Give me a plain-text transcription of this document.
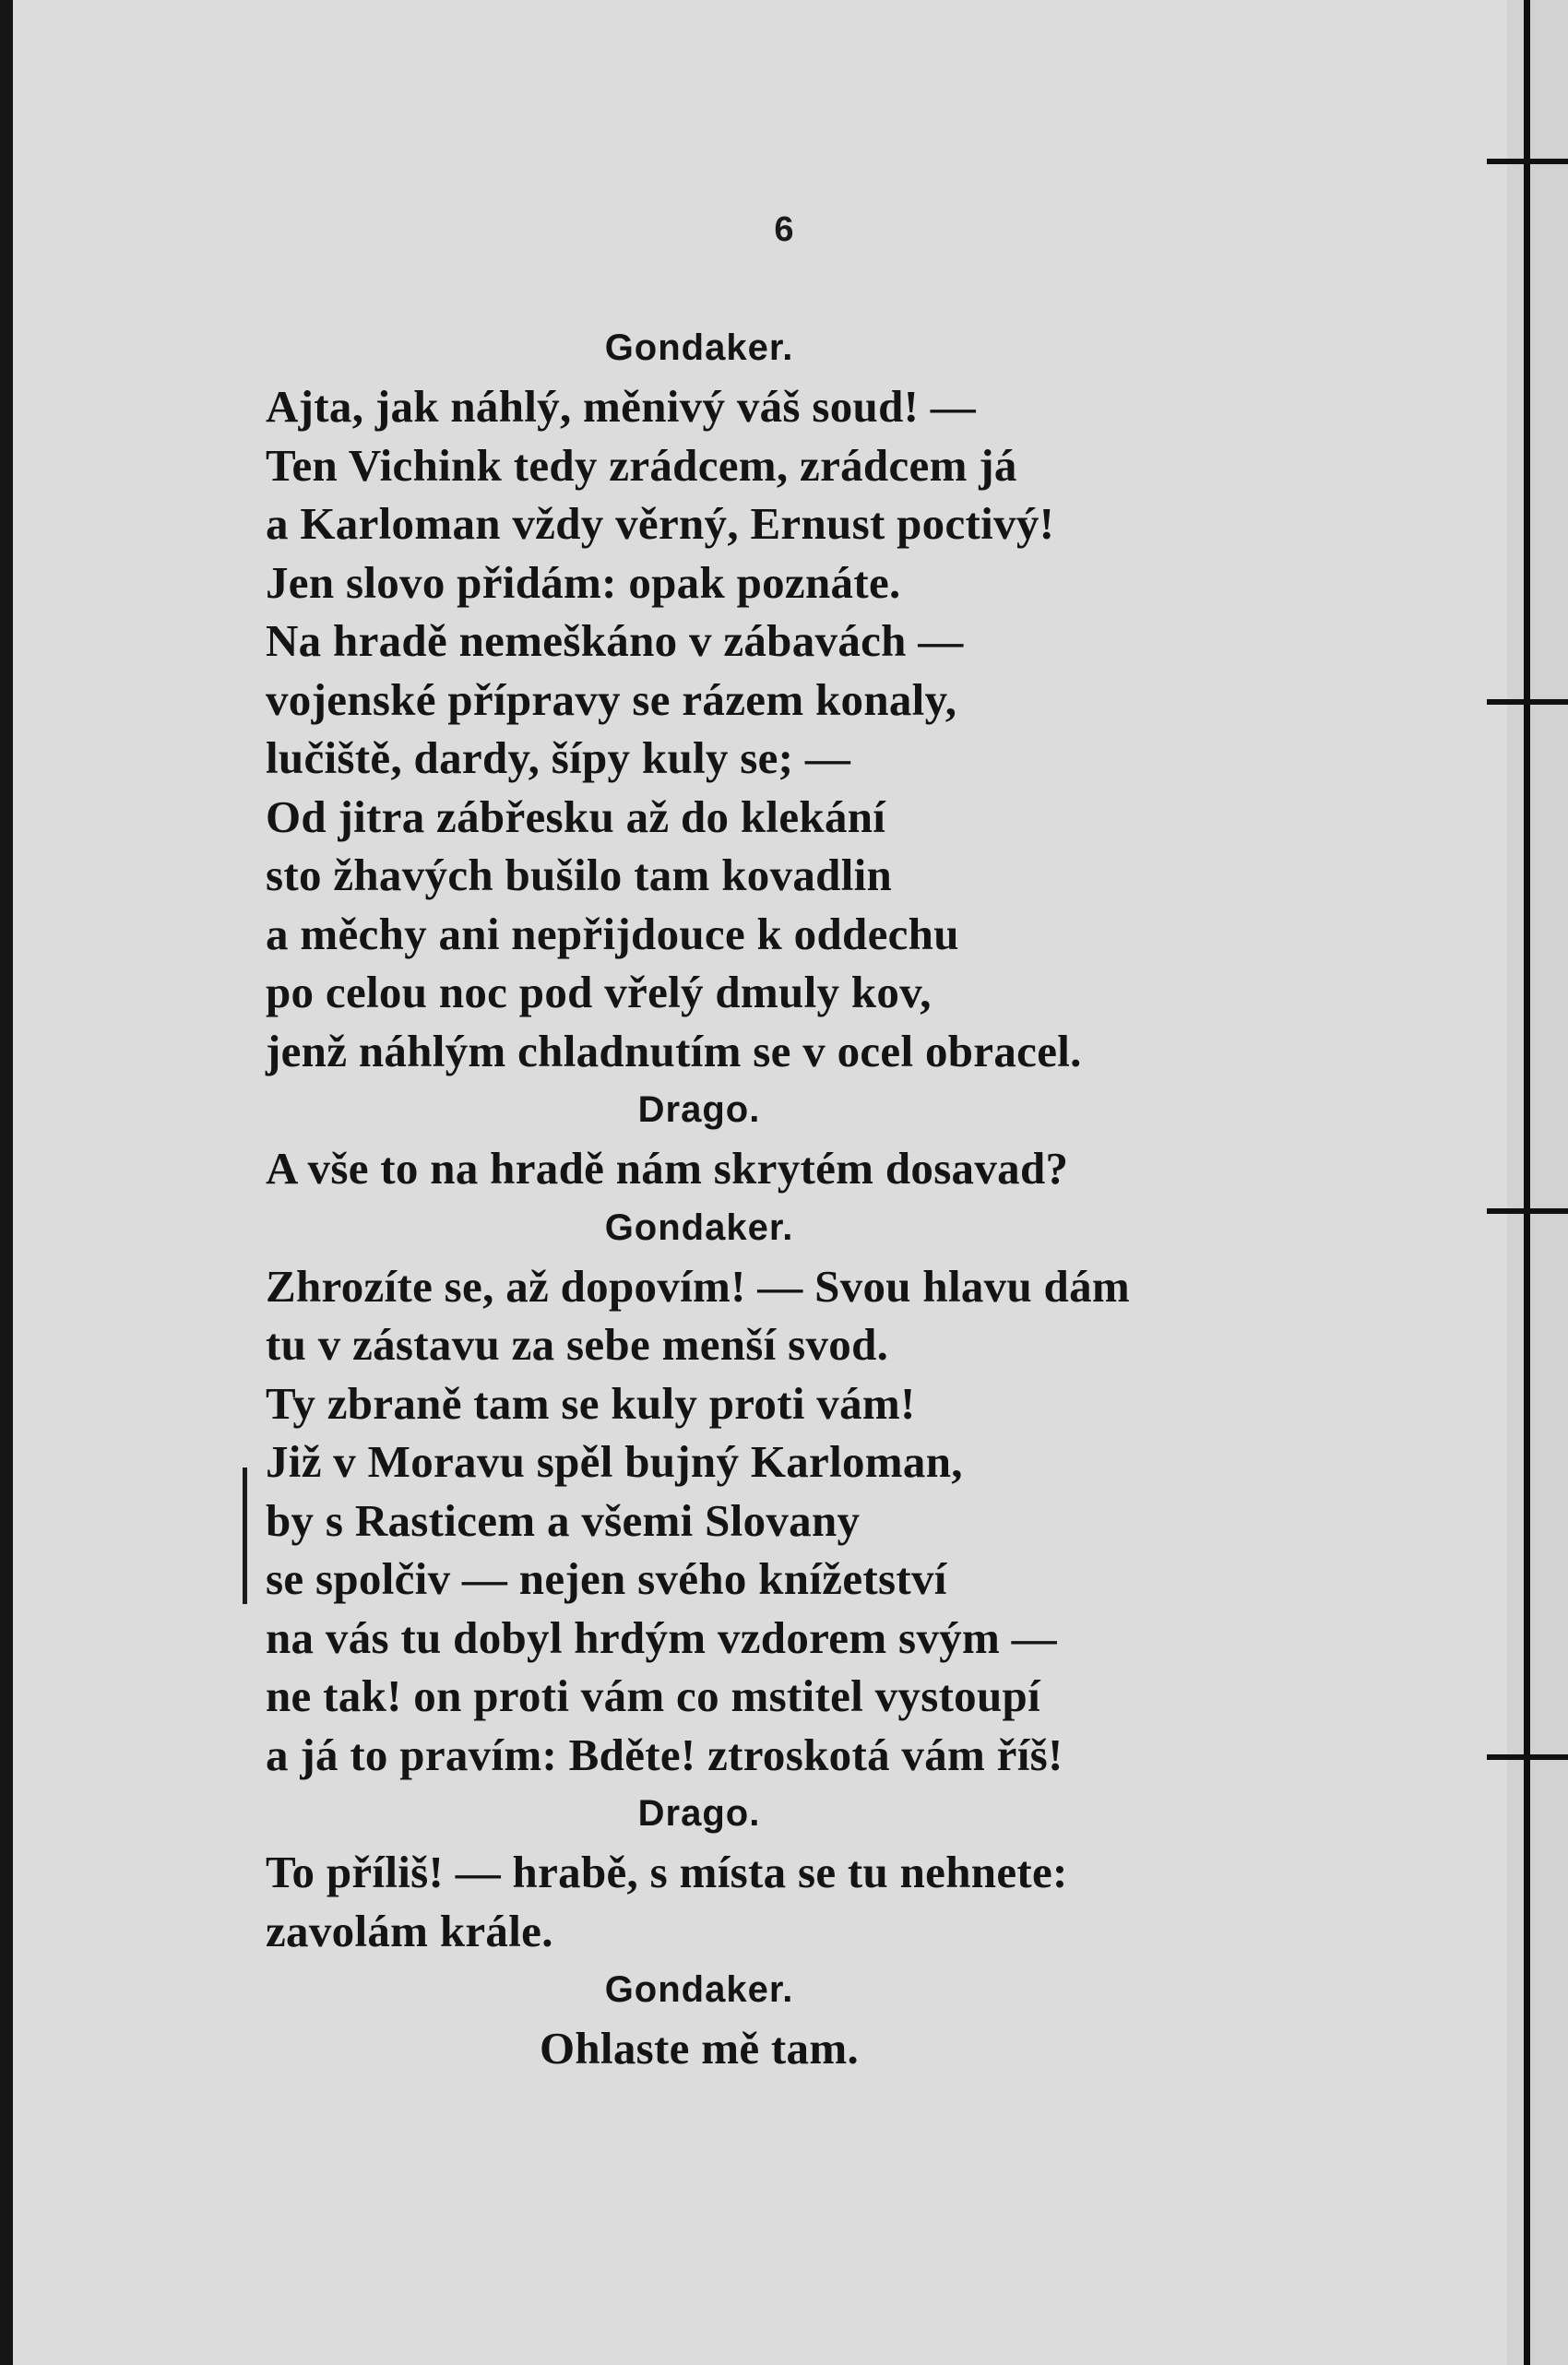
6
Gondaker.
Ajta, jak náhlý, měnivý váš soud! —
Ten Vichink tedy zrádcem, zrádcem já
a Karloman vždy věrný, Ernust poctivý!
Jen slovo přidám: opak poznáte.
Na hradě nemeškáno v zábavách —
vojenské přípravy se rázem konaly,
lučiště, dardy, šípy kuly se; —
Od jitra zábřesku až do klekání
sto žhavých bušilo tam kovadlin
a měchy ani nepřijdouce k oddechu
po celou noc pod vřelý dmuly kov,
jenž náhlým chladnutím se v ocel obracel.
Drago.
A vše to na hradě nám skrytém dosavad?
Gondaker.
Zhrozíte se, až dopovím! — Svou hlavu dám
tu v zástavu za sebe menší svod.
Ty zbraně tam se kuly proti vám!
Již v Moravu spěl bujný Karloman,
by s Rasticem a všemi Slovany
se spolčiv — nejen svého knížetství
na vás tu dobyl hrdým vzdorem svým —
ne tak! on proti vám co mstitel vystoupí
a já to pravím: Bděte! ztroskotá vám říš!
Drago.
To příliš! — hrabě, s místa se tu nehnete:
zavolám krále.
Gondaker.
Ohlaste mě tam.
